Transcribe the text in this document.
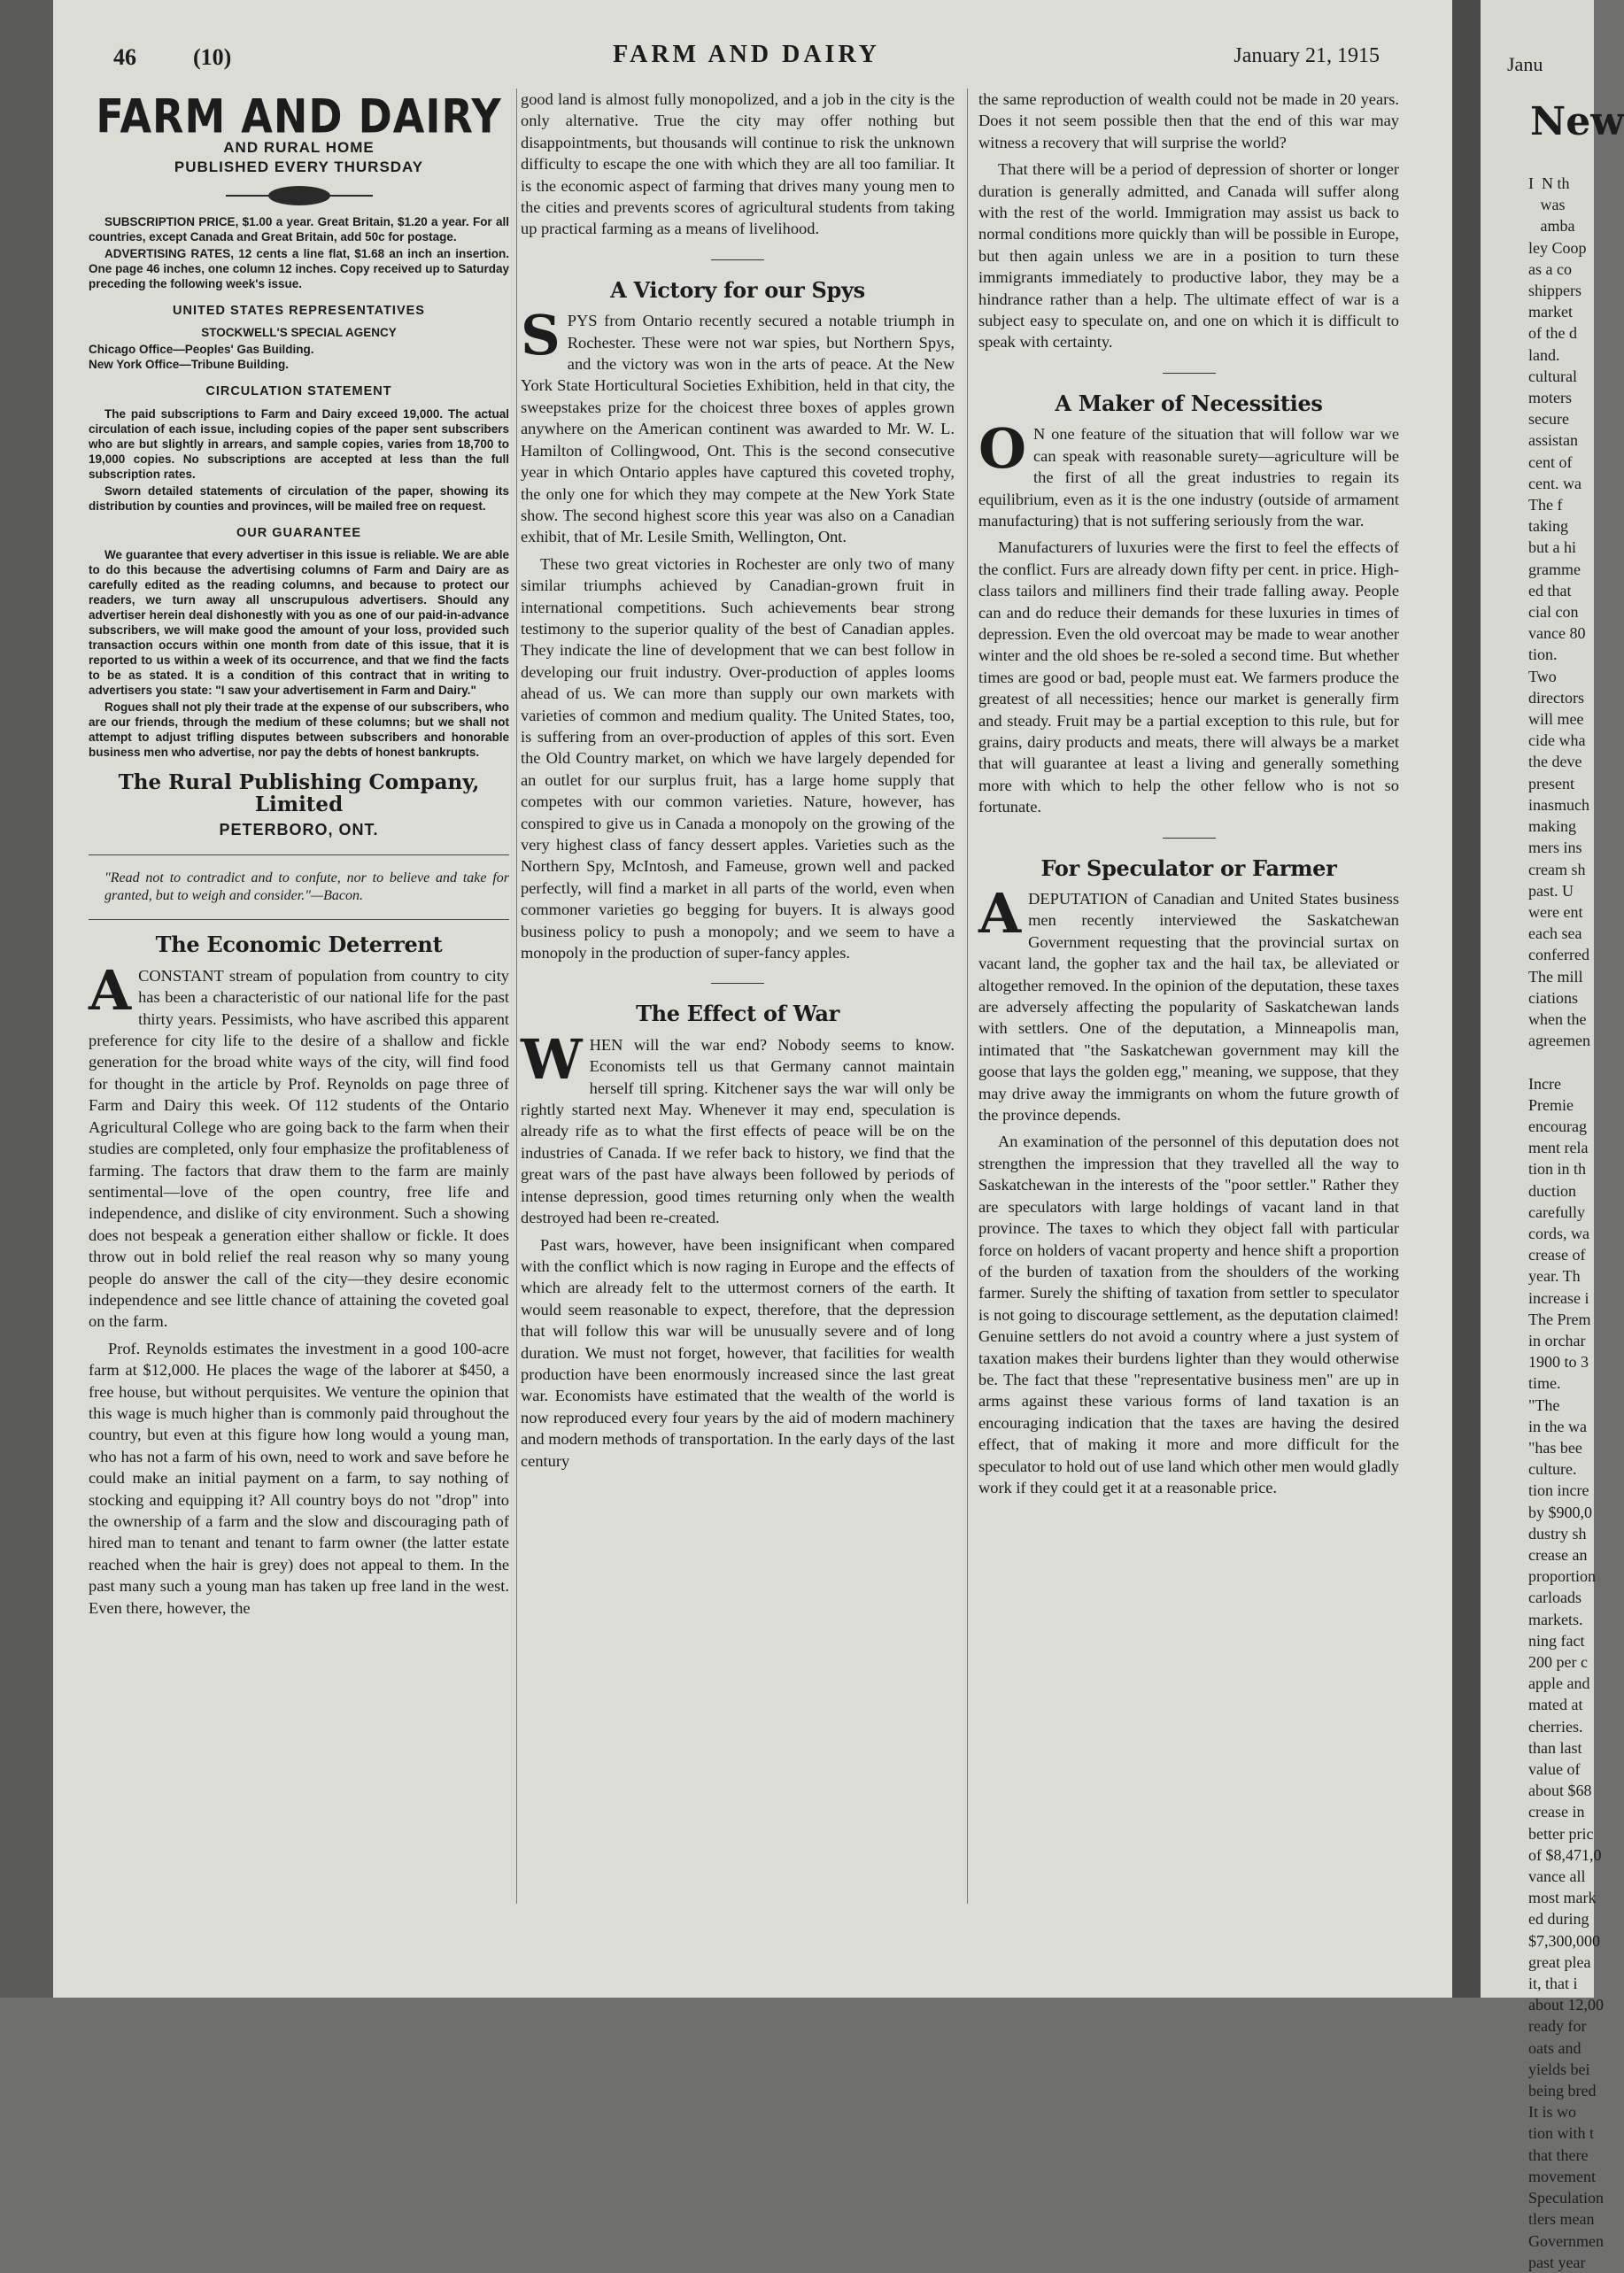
46 (10)	FARM AND DAIRY	January 21, 1915
FARM AND DAIRY
AND RURAL HOME
PUBLISHED EVERY THURSDAY

SUBSCRIPTION PRICE, $1.00 a year. Great Britain, $1.20 a year. For all countries, except Canada and Great Britain, add 50c for postage.

ADVERTISING RATES, 12 cents a line flat, $1.68 an inch an insertion. One page 46 inches, one column 12 inches. Copy received up to Saturday preceding the following week's issue.

UNITED STATES REPRESENTATIVES
STOCKWELL'S SPECIAL AGENCY
Chicago Office—Peoples' Gas Building.
New York Office—Tribune Building.
CIRCULATION STATEMENT

The paid subscriptions to Farm and Dairy exceed 19,000. The actual circulation of each issue, including copies of the paper sent subscribers who are but slightly in arrears, and sample copies, varies from 18,700 to 19,000 copies. No subscriptions are accepted at less than the full subscription rates.

Sworn detailed statements of circulation of the paper, showing its distribution by counties and provinces, will be mailed free on request.

OUR GUARANTEE

We guarantee that every advertiser in this issue is reliable. We are able to do this because the advertising columns of Farm and Dairy are as carefully edited as the reading columns, and because to protect our readers, we turn away all unscrupulous advertisers. Should any advertiser herein deal dishonestly with you as one of our paid-in-advance subscribers, we will make good the amount of your loss, provided such transaction occurs within one month from date of this issue, that it is reported to us within a week of its occurrence, and that we find the facts to be as stated. It is a condition of this contract that in writing to advertisers you state: "I saw your advertisement in Farm and Dairy."

Rogues shall not ply their trade at the expense of our subscribers, who are our friends, through the medium of these columns; but we shall not attempt to adjust trifling disputes between subscribers and honorable business men who advertise, nor pay the debts of honest bankrupts.

The Rural Publishing Company, Limited
PETERBORO, ONT.
"Read not to contradict and to confute, nor to believe and take for granted, but to weigh and consider."—Bacon.
The Economic Deterrent

ACONSTANT stream of population from country to city has been a characteristic of our national life for the past thirty years. Pessimists, who have ascribed this apparent preference for city life to the desire of a shallow and fickle generation for the broad white ways of the city, will find food for thought in the article by Prof. Reynolds on page three of Farm and Dairy this week. Of 112 students of the Ontario Agricultural College who are going back to the farm when their studies are completed, only four emphasize the profitableness of farming. The factors that draw them to the farm are mainly sentimental—love of the open country, free life and independence, and dislike of city environment. Such a showing does not bespeak a generation either shallow or fickle. It does throw out in bold relief the real reason why so many young people do answer the call of the city—they desire economic independence and see little chance of attaining the coveted goal on the farm.

Prof. Reynolds estimates the investment in a good 100-acre farm at $12,000. He places the wage of the laborer at $450, a free house, but without perquisites. We venture the opinion that this wage is much higher than is commonly paid throughout the country, but even at this figure how long would a young man, who has not a farm of his own, need to work and save before he could make an initial payment on a farm, to say nothing of stocking and equipping it? All country boys do not "drop" into the ownership of a farm and the slow and discouraging path of hired man to tenant and tenant to farm owner (the latter estate reached when the hair is grey) does not appeal to them. In the past many such a young man has taken up free land in the west. Even there, however, the

good land is almost fully monopolized, and a job in the city is the only alternative. True the city may offer nothing but disappointments, but thousands will continue to risk the unknown difficulty to escape the one with which they are all too familiar. It is the economic aspect of farming that drives many young men to the cities and prevents scores of agricultural students from taking up practical farming as a means of livelihood.

A Victory for our Spys

SPYS from Ontario recently secured a notable triumph in Rochester. These were not war spies, but Northern Spys, and the victory was won in the arts of peace. At the New York State Horticultural Societies Exhibition, held in that city, the sweepstakes prize for the choicest three boxes of apples grown anywhere on the American continent was awarded to Mr. W. L. Hamilton of Collingwood, Ont. This is the second consecutive year in which Ontario apples have captured this coveted trophy, the only one for which they may compete at the New York State show. The second highest score this year was also on a Canadian exhibit, that of Mr. Lesile Smith, Wellington, Ont.

These two great victories in Rochester are only two of many similar triumphs achieved by Canadian-grown fruit in international competitions. Such achievements bear strong testimony to the superior quality of the best of Canadian apples. They indicate the line of development that we can best follow in developing our fruit industry. Over-production of apples looms ahead of us. We can more than supply our own markets with varieties of common and medium quality. The United States, too, is suffering from an over-production of apples of this sort. Even the Old Country market, on which we have largely depended for an outlet for our surplus fruit, has a large home supply that competes with our common varieties. Nature, however, has conspired to give us in Canada a monopoly on the growing of the very highest class of fancy dessert apples. Varieties such as the Northern Spy, McIntosh, and Fameuse, grown well and packed perfectly, will find a market in all parts of the world, even when commoner varieties go begging for buyers. It is always good business policy to push a monopoly; and we seem to have a monopoly in the production of super-fancy apples.

The Effect of War

WHEN will the war end? Nobody seems to know. Economists tell us that Germany cannot maintain herself till spring. Kitchener says the war will only be rightly started next May. Whenever it may end, speculation is already rife as to what the first effects of peace will be on the industries of Canada. If we refer back to history, we find that the great wars of the past have always been followed by periods of intense depression, good times returning only when the wealth destroyed had been re-created.

Past wars, however, have been insignificant when compared with the conflict which is now raging in Europe and the effects of which are already felt to the uttermost corners of the earth. It would seem reasonable to expect, therefore, that the depression that will follow this war will be unusually severe and of long duration. We must not forget, however, that facilities for wealth production have been enormously increased since the last great war. Economists have estimated that the wealth of the world is now reproduced every four years by the aid of modern machinery and modern methods of transportation. In the early days of the last century

the same reproduction of wealth could not be made in 20 years. Does it not seem possible then that the end of this war may witness a recovery that will surprise the world?

That there will be a period of depression of shorter or longer duration is generally admitted, and Canada will suffer along with the rest of the world. Immigration may assist us back to normal conditions more quickly than will be possible in Europe, but then again unless we are in a position to turn these immigrants immediately to productive labor, they may be a hindrance rather than a help. The ultimate effect of war is a subject easy to speculate on, and one on which it is difficult to speak with certainty.

A Maker of Necessities

O N one feature of the situation that will follow war we can speak with reasonable surety—agriculture will be the first of all the great industries to regain its equilibrium, even as it is the one industry (outside of armament manufacturing) that is not suffering seriously from the war.

Manufacturers of luxuries were the first to feel the effects of the conflict. Furs are already down fifty per cent. in price. High-class tailors and milliners find their trade falling away. People can and do reduce their demands for these luxuries in times of depression. Even the old overcoat may be made to wear another winter and the old shoes be re-soled a second time. But whether times are good or bad, people must eat. We farmers produce the greatest of all necessities; hence our market is generally firm and steady. Fruit may be a partial exception to this rule, but for grains, dairy products and meats, there will always be a market that will guarantee at least a living and generally something more with which to help the other fellow who is not so fortunate.

For Speculator or Farmer

ADEPUTATION of Canadian and United States business men recently interviewed the Saskatchewan Government requesting that the provincial surtax on vacant land, the gopher tax and the hail tax, be alleviated or altogether removed. In the opinion of the deputation, these taxes are adversely affecting the popularity of Saskatchewan lands with settlers. One of the deputation, a Minneapolis man, intimated that "the Saskatchewan government may kill the goose that lays the golden egg," meaning, we suppose, that they may drive away the immigrants on whom the future growth of the province depends.

An examination of the personnel of this deputation does not strengthen the impression that they travelled all the way to Saskatchewan in the interests of the "poor settler." Rather they are speculators with large holdings of vacant land in that province. The taxes to which they object fall with particular force on holders of vacant property and hence shift a proportion of the burden of taxation from the shoulders of the working farmer. Surely the shifting of taxation from settler to speculator is not going to discourage settlement, as the deputation claimed! Genuine settlers do not avoid a country where a just system of taxation makes their burdens lighter than they would otherwise be. The fact that these "representative business men" are up in arms against these various forms of land taxation is an encouraging indication that the taxes are having the desired effect, that of making it more and more difficult for the speculator to hold out of use land which other men would gladly work if they could get it at a reasonable price.

Janu
New
I  N th
was
amba
ley Coop
as a co
shippers
market
of the d
land.
cultural
moters
secure
assistan
cent of
cent. wa
The f
taking
but a hi
gramme
ed that
cial con
vance 80
tion.
Two
directors
will mee
cide wha
the deve
present
inasmuch
making
mers ins
cream sh
past. U
were ent
each sea
conferred
The mill
ciations
when the
agreemen

Incre
Premie
encourag
ment rela
tion in th
duction
carefully
cords, wa
crease of
year. Th
increase i
The Prem
in orchar
1900 to 3
time.
"The
in the wa
"has bee
culture.
tion incre
by $900,0
dustry sh
crease an
proportion
carloads
markets.
ning fact
200 per c
apple and
mated at
cherries.
than last
value of
about $68
crease in
better pric
of $8,471,0
vance all
most mark
ed during
$7,300,000
great plea
it, that i
about 12,00
ready for
oats and
yields bei
being bred
It is wo
tion with t
that there
movement
Speculation
tlers mean
Governmen
past year
